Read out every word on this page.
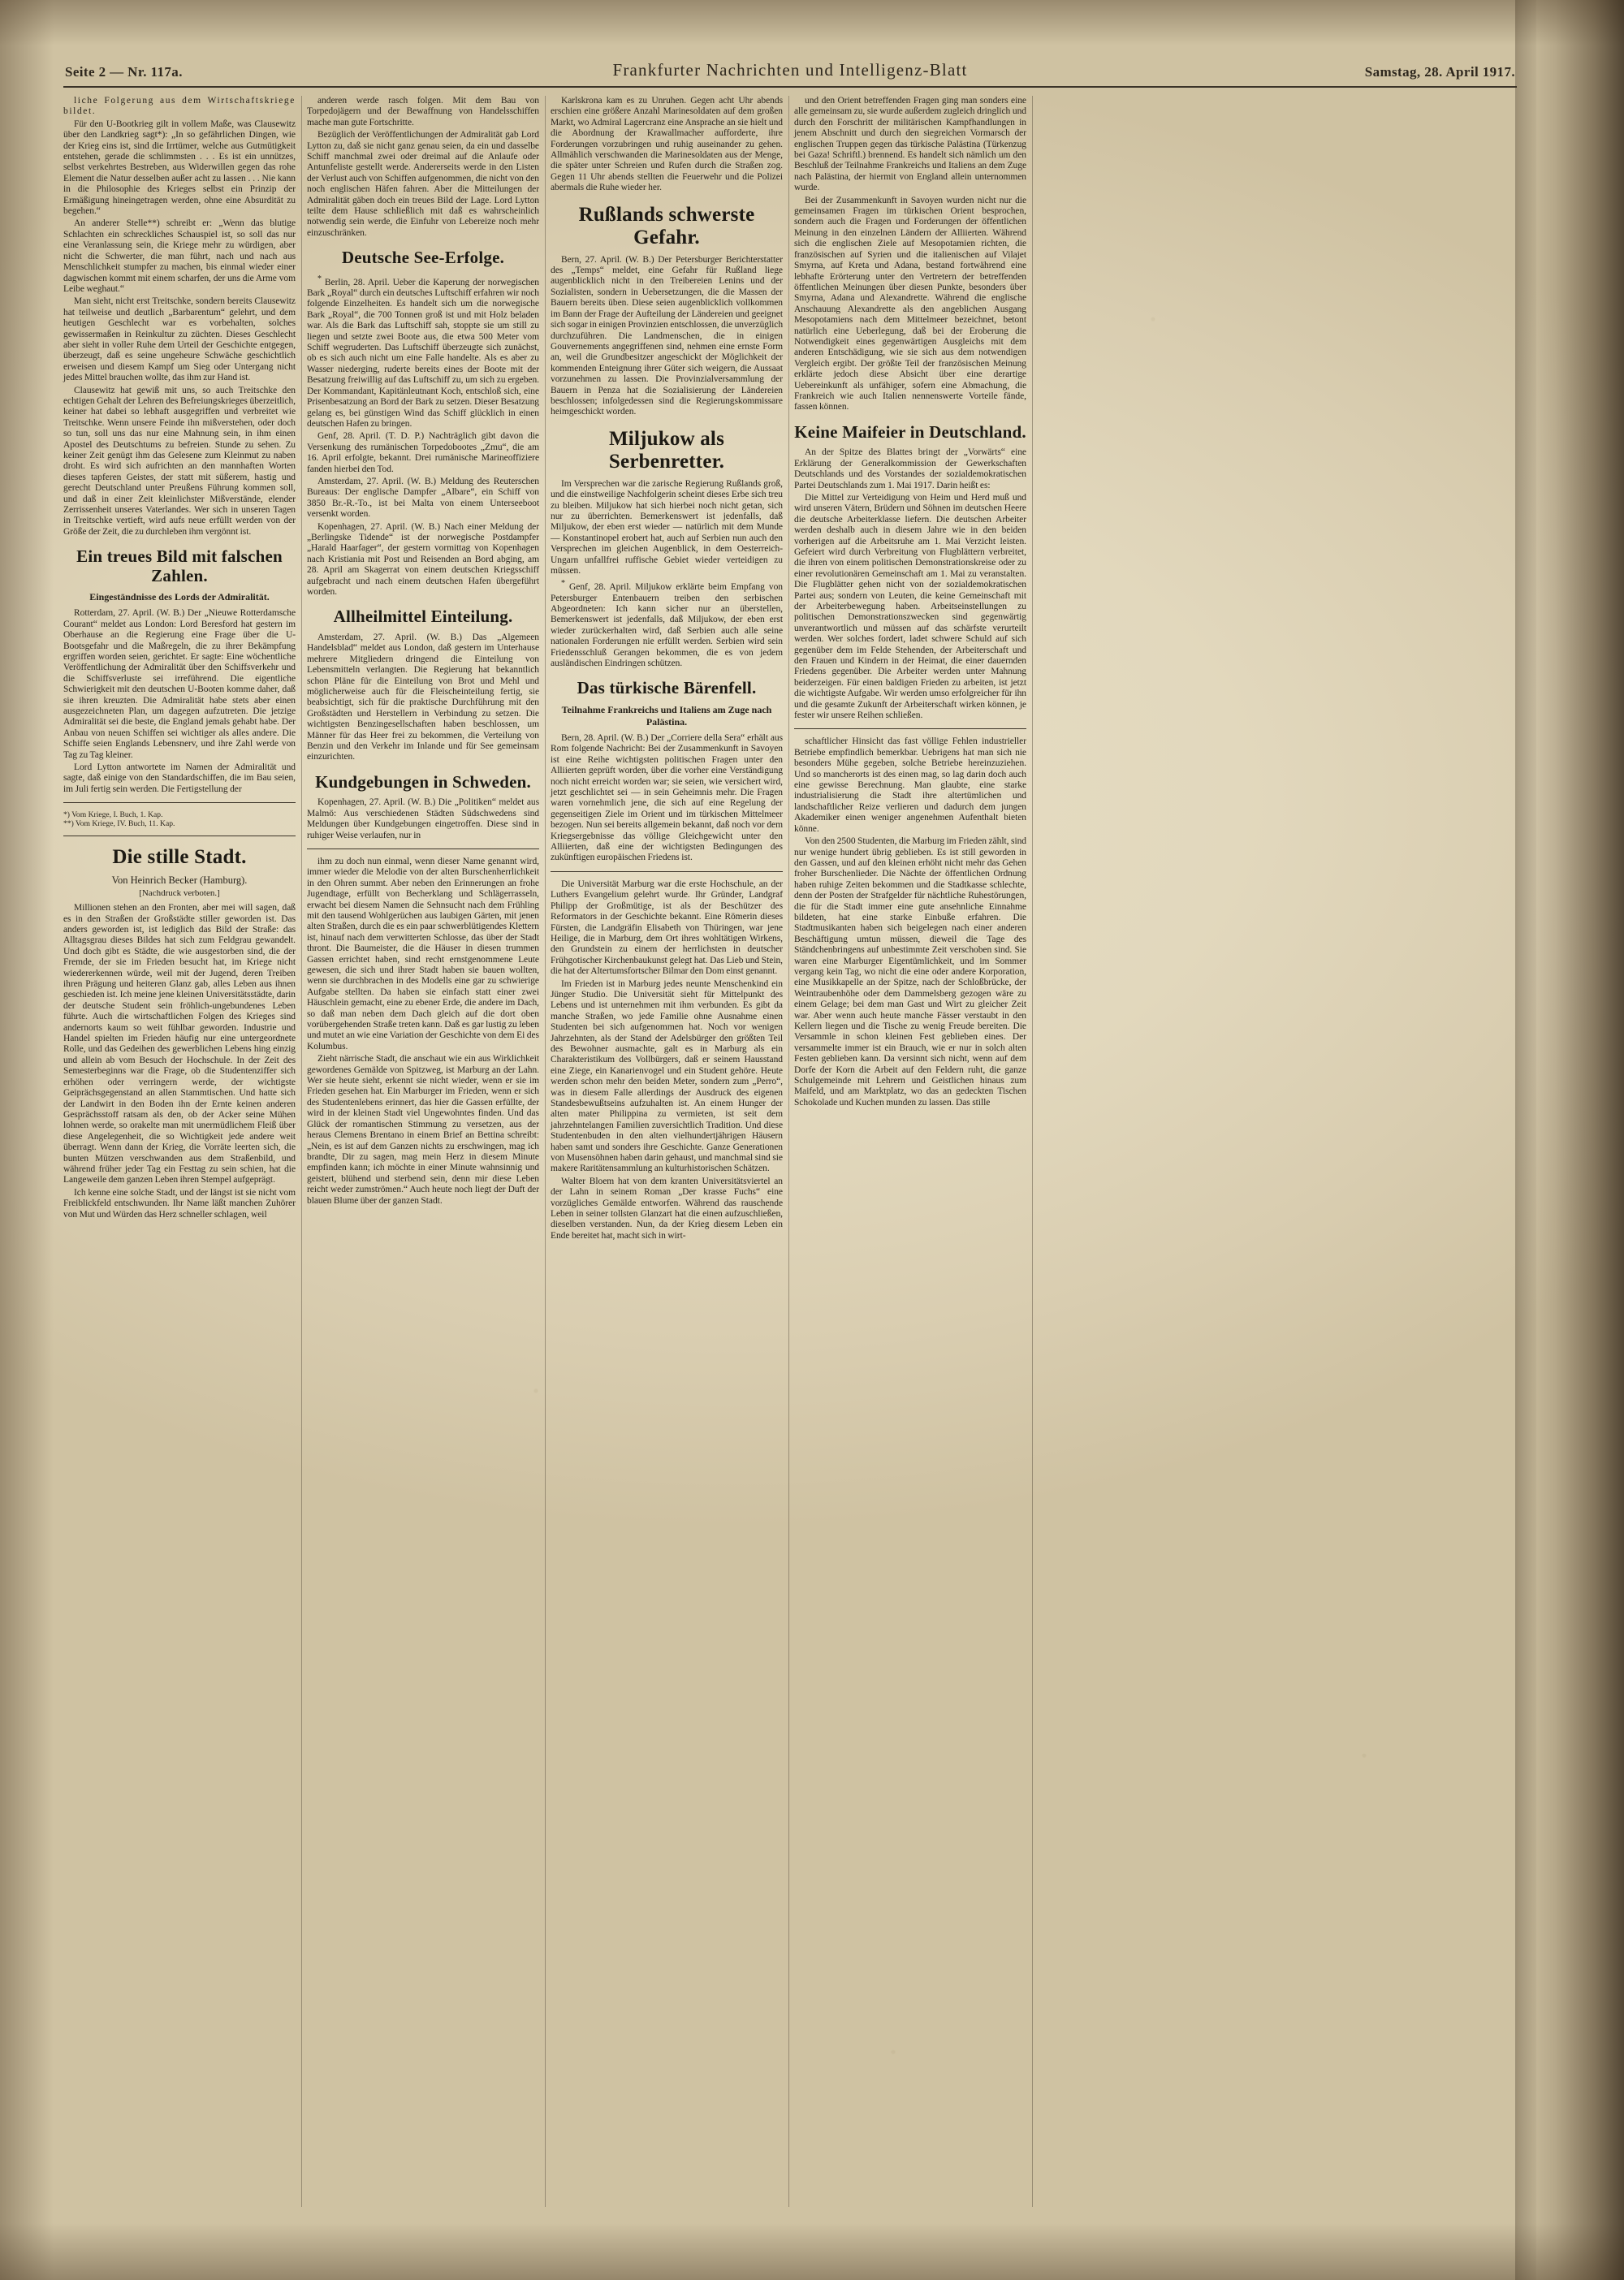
Seite 2 — Nr. 117a.	Frankfurter Nachrichten und Intelligenz-Blatt	Samstag, 28. April 1917.

liche Folgerung aus dem Wirtschaftskriege bildet.

Für den U-Bootkrieg gilt in vollem Maße, was Clausewitz über den Landkrieg sagt*): „In so gefährlichen Dingen, wie der Krieg eins ist, sind die Irrtümer, welche aus Gutmütigkeit entstehen, gerade die schlimmsten . . . Es ist ein unnützes, selbst verkehrtes Bestreben, aus Widerwillen gegen das rohe Element die Natur desselben außer acht zu lassen . . . Nie kann in die Philosophie des Krieges selbst ein Prinzip der Ermäßigung hineingetragen werden, ohne eine Absurdität zu begehen.“

An anderer Stelle**) schreibt er: „Wenn das blutige Schlachten ein schreckliches Schauspiel ist, so soll das nur eine Veranlassung sein, die Kriege mehr zu würdigen, aber nicht die Schwerter, die man führt, nach und nach aus Menschlichkeit stumpfer zu machen, bis einmal wieder einer dagwischen kommt mit einem scharfen, der uns die Arme vom Leibe weghaut.“

Man sieht, nicht erst Treitschke, sondern bereits Clausewitz hat teilweise und deutlich „Barbarentum“ gelehrt, und dem heutigen Geschlecht war es vorbehalten, solches gewissermaßen in Reinkultur zu züchten. Dieses Geschlecht aber sieht in voller Ruhe dem Urteil der Geschichte entgegen, überzeugt, daß es seine ungeheure Schwäche geschichtlich erweisen und diesem Kampf um Sieg oder Untergang nicht jedes Mittel brauchen wollte, das ihm zur Hand ist.

Clausewitz hat gewiß mit uns, so auch Treitschke den echtigen Gehalt der Lehren des Befreiungskrieges überzeitlich, keiner hat dabei so lebhaft ausgegriffen und verbreitet wie Treitschke. Wenn unsere Feinde ihn mißverstehen, oder doch so tun, soll uns das nur eine Mahnung sein, in ihm einen Apostel des Deutschtums zu befreien. Stunde zu sehen. Zu keiner Zeit genügt ihm das Gelesene zum Kleinmut zu naben droht. Es wird sich aufrichten an den mannhaften Worten dieses tapferen Geistes, der statt mit süßerem, hastig und gerecht Deutschland unter Preußens Führung kommen soll, und daß in einer Zeit kleinlichster Mißverstände, elender Zerrissenheit unseres Vaterlandes. Wer sich in unseren Tagen in Treitschke vertieft, wird aufs neue erfüllt werden von der Größe der Zeit, die zu durchleben ihm vergönnt ist.

Ein treues Bild mit falschen Zahlen.
Eingeständnisse des Lords der Admiralität.

Rotterdam, 27. April. (W. B.) Der „Nieuwe Rotterdamsche Courant“ meldet aus London: Lord Beresford hat gestern im Oberhause an die Regierung eine Frage über die U-Bootsgefahr und die Maßregeln, die zu ihrer Bekämpfung ergriffen worden seien, gerichtet. Er sagte: Eine wöchentliche Veröffentlichung der Admiralität über den Schiffsverkehr und die Schiffsverluste sei irreführend. Die eigentliche Schwierigkeit mit den deutschen U-Booten komme daher, daß sie ihren kreuzten. Die Admiralität habe stets aber einen ausgezeichneten Plan, um dagegen aufzutreten. Die jetzige Admiralität sei die beste, die England jemals gehabt habe. Der Anbau von neuen Schiffen sei wichtiger als alles andere. Die Schiffe seien Englands Lebensnerv, und ihre Zahl werde von Tag zu Tag kleiner.

Lord Lytton antwortete im Namen der Admiralität und sagte, daß einige von den Standardschiffen, die im Bau seien, im Juli fertig sein werden. Die Fertigstellung der

*) Vom Kriege, I. Buch, 1. Kap.
**) Vom Kriege, IV. Buch, 11. Kap.
Die stille Stadt.
Von Heinrich Becker (Hamburg).
[Nachdruck verboten.]

Millionen stehen an den Fronten, aber mei will sagen, daß es in den Straßen der Großstädte stiller geworden ist. Das anders geworden ist, ist lediglich das Bild der Straße: das Alltagsgrau dieses Bildes hat sich zum Feldgrau gewandelt. Und doch gibt es Städte, die wie ausgestorben sind, die der Fremde, der sie im Frieden besucht hat, im Kriege nicht wiedererkennen würde, weil mit der Jugend, deren Treiben ihren Prägung und heiteren Glanz gab, alles Leben aus ihnen geschieden ist. Ich meine jene kleinen Universitätsstädte, darin der deutsche Student sein fröhlich-ungebundenes Leben führte. Auch die wirtschaftlichen Folgen des Krieges sind andernorts kaum so weit fühlbar geworden. Industrie und Handel spielten im Frieden häufig nur eine untergeordnete Rolle, und das Gedeihen des gewerblichen Lebens hing einzig und allein ab vom Besuch der Hochschule. In der Zeit des Semesterbeginns war die Frage, ob die Studentenziffer sich erhöhen oder verringern werde, der wichtigste Geiprächsgegenstand an allen Stammtischen. Und hatte sich der Landwirt in den Boden ihn der Ernte keinen anderen Gesprächsstoff ratsam als den, ob der Acker seine Mühen lohnen werde, so orakelte man mit unermüdlichem Fleiß über diese Angelegenheit, die so Wichtigkeit jede andere weit überragt. Wenn dann der Krieg, die Vorräte leerten sich, die bunten Mützen verschwanden aus dem Straßenbild, und während früher jeder Tag ein Festtag zu sein schien, hat die Langeweile dem ganzen Leben ihren Stempel aufgeprägt.

Ich kenne eine solche Stadt, und der längst ist sie nicht vom Freiblickfeld entschwunden. Ihr Name läßt manchen Zuhörer von Mut und Würden das Herz schneller schlagen, weil

anderen werde rasch folgen. Mit dem Bau von Torpedojägern und der Bewaffnung von Handelsschiffen mache man gute Fortschritte.

Bezüglich der Veröffentlichungen der Admiralität gab Lord Lytton zu, daß sie nicht ganz genau seien, da ein und dasselbe Schiff manchmal zwei oder dreimal auf die Anlaufe oder Antunfeliste gestellt werde. Andererseits werde in den Listen der Verlust auch von Schiffen aufgenommen, die nicht von den noch englischen Häfen fahren. Aber die Mitteilungen der Admiralität gäben doch ein treues Bild der Lage. Lord Lytton teilte dem Hause schließlich mit daß es wahrscheinlich notwendig sein werde, die Einfuhr von Lebereize noch mehr einzuschränken.

Deutsche See-Erfolge.

* Berlin, 28. April. Ueber die Kaperung der norwegischen Bark „Royal“ durch ein deutsches Luftschiff erfahren wir noch folgende Einzelheiten. Es handelt sich um die norwegische Bark „Royal“, die 700 Tonnen groß ist und mit Holz beladen war. Als die Bark das Luftschiff sah, stoppte sie um still zu liegen und setzte zwei Boote aus, die etwa 500 Meter vom Schiff wegruderten. Das Luftschiff überzeugte sich zunächst, ob es sich auch nicht um eine Falle handelte. Als es aber zu Wasser niederging, ruderte bereits eines der Boote mit der Besatzung freiwillig auf das Luftschiff zu, um sich zu ergeben. Der Kommandant, Kapitänleutnant Koch, entschloß sich, eine Prisenbesatzung an Bord der Bark zu setzen. Dieser Besatzung gelang es, bei günstigen Wind das Schiff glücklich in einen deutschen Hafen zu bringen.

Genf, 28. April. (T. D. P.) Nachträglich gibt davon die Versenkung des rumänischen Torpedobootes „Zmu“, die am 16. April erfolgte, bekannt. Drei rumänische Marineoffiziere fanden hierbei den Tod.

Amsterdam, 27. April. (W. B.) Meldung des Reuterschen Bureaus: Der englische Dampfer „Albare“, ein Schiff von 3850 Br.-R.-To., ist bei Malta von einem Unterseeboot versenkt worden.

Kopenhagen, 27. April. (W. B.) Nach einer Meldung der „Berlingske Tidende“ ist der norwegische Postdampfer „Harald Haarfager“, der gestern vormittag von Kopenhagen nach Kristiania mit Post und Reisenden an Bord abging, am 28. April am Skagerrat von einem deutschen Kriegsschiff aufgebracht und nach einem deutschen Hafen übergeführt worden.

Allheilmittel Einteilung.

Amsterdam, 27. April. (W. B.) Das „Algemeen Handelsblad“ meldet aus London, daß gestern im Unterhause mehrere Mitgliedern dringend die Einteilung von Lebensmitteln verlangten. Die Regierung hat bekanntlich schon Pläne für die Einteilung von Brot und Mehl und möglicherweise auch für die Fleischeinteilung fertig, sie beabsichtigt, sich für die praktische Durchführung mit den Großstädten und Herstellern in Verbindung zu setzen. Die wichtigsten Benzingesellschaften haben beschlossen, um Männer für das Heer frei zu bekommen, die Verteilung von Benzin und den Verkehr im Inlande und für See gemeinsam einzurichten.

Kundgebungen in Schweden.

Kopenhagen, 27. April. (W. B.) Die „Politiken“ meldet aus Malmö: Aus verschiedenen Städten Südschwedens sind Meldungen über Kundgebungen eingetroffen. Diese sind in ruhiger Weise verlaufen, nur in

ihm zu doch nun einmal, wenn dieser Name genannt wird, immer wieder die Melodie von der alten Burschenherrlichkeit in den Ohren summt. Aber neben den Erinnerungen an frohe Jugendtage, erfüllt von Becherklang und Schlägerrasseln, erwacht bei diesem Namen die Sehnsucht nach dem Frühling mit den tausend Wohlgerüchen aus laubigen Gärten, mit jenen alten Straßen, durch die es ein paar schwerblütigendes Klettern ist, hinauf nach dem verwitterten Schlosse, das über der Stadt thront. Die Baumeister, die die Häuser in diesen trummen Gassen errichtet haben, sind recht ernstgenommene Leute gewesen, die sich und ihrer Stadt haben sie bauen wollten, wenn sie durchbrachen in des Modells eine gar zu schwierige Aufgabe stellten. Da haben sie einfach statt einer zwei Häuschlein gemacht, eine zu ebener Erde, die andere im Dach, so daß man neben dem Dach gleich auf die dort oben vorübergehenden Straße treten kann. Daß es gar lustig zu leben und mutet an wie eine Variation der Geschichte von dem Ei des Kolumbus.

Zieht närrische Stadt, die anschaut wie ein aus Wirklichkeit gewordenes Gemälde von Spitzweg, ist Marburg an der Lahn. Wer sie heute sieht, erkennt sie nicht wieder, wenn er sie im Frieden gesehen hat. Ein Marburger im Frieden, wenn er sich des Studentenlebens erinnert, das hier die Gassen erfüllte, der wird in der kleinen Stadt viel Ungewohntes finden. Und das Glück der romantischen Stimmung zu versetzen, aus der heraus Clemens Brentano in einem Brief an Bettina schreibt: „Nein, es ist auf dem Ganzen nichts zu erschwingen, mag ich brandte, Dir zu sagen, mag mein Herz in diesem Minute empfinden kann; ich möchte in einer Minute wahnsinnig und geistert, blühend und sterbend sein, denn mir diese Leben reicht weder zumströmen.“ Auch heute noch liegt der Duft der blauen Blume über der ganzen Stadt.

Karlskrona kam es zu Unruhen. Gegen acht Uhr abends erschien eine größere Anzahl Marinesoldaten auf dem großen Markt, wo Admiral Lagercranz eine Ansprache an sie hielt und die Abordnung der Krawallmacher aufforderte, ihre Forderungen vorzubringen und ruhig auseinander zu gehen. Allmählich verschwanden die Marinesoldaten aus der Menge, die später unter Schreien und Rufen durch die Straßen zog. Gegen 11 Uhr abends stellten die Feuerwehr und die Polizei abermals die Ruhe wieder her.

Rußlands schwerste Gefahr.

Bern, 27. April. (W. B.) Der Petersburger Berichterstatter des „Temps“ meldet, eine Gefahr für Rußland liege augenblicklich nicht in den Treibereien Lenins und der Sozialisten, sondern in Uebersetzungen, die die Massen der Bauern bereits üben. Diese seien augenblicklich vollkommen im Bann der Frage der Aufteilung der Ländereien und geeignet sich sogar in einigen Provinzien entschlossen, die unverzüglich durchzuführen. Die Landmenschen, die in einigen Gouvernements angegriffenen sind, nehmen eine ernste Form an, weil die Grundbesitzer angeschickt der Möglichkeit der kommenden Enteignung ihrer Güter sich weigern, die Aussaat vorzunehmen zu lassen. Die Provinzialversammlung der Bauern in Penza hat die Sozialisierung der Ländereien beschlossen; infolgedessen sind die Regierungskommissare heimgeschickt worden.

Miljukow als Serbenretter.

Im Versprechen war die zarische Regierung Rußlands groß, und die einstweilige Nachfolgerin scheint dieses Erbe sich treu zu bleiben. Miljukow hat sich hierbei noch nicht getan, sich nur zu überrichten. Bemerkenswert ist jedenfalls, daß Miljukow, der eben erst wieder — natürlich mit dem Munde — Konstantinopel erobert hat, auch auf Serbien nun auch den Versprechen im gleichen Augenblick, in dem Oesterreich-Ungarn unfallfrei ruffische Gebiet wieder verteidigen zu müssen.

* Genf, 28. April. Miljukow erklärte beim Empfang von Petersburger Entenbauern treiben den serbischen Abgeordneten: Ich kann sicher nur an überstellen, Bemerkenswert ist jedenfalls, daß Miljukow, der eben erst wieder zurückerhalten wird, daß Serbien auch alle seine nationalen Forderungen nie erfüllt werden. Serbien wird sein Friedensschluß Gerangen bekommen, die es von jedem ausländischen Eindringen schützen.

Das türkische Bärenfell.
Teilnahme Frankreichs und Italiens am Zuge nach Palästina.

Bern, 28. April. (W. B.) Der „Corriere della Sera“ erhält aus Rom folgende Nachricht: Bei der Zusammenkunft in Savoyen ist eine Reihe wichtigsten politischen Fragen unter den Alliierten geprüft worden, über die vorher eine Verständigung noch nicht erreicht worden war; sie seien, wie versichert wird, jetzt geschlichtet sei — in sein Geheimnis mehr. Die Fragen waren vornehmlich jene, die sich auf eine Regelung der gegenseitigen Ziele im Orient und im türkischen Mittelmeer bezogen. Nun sei bereits allgemein bekannt, daß noch vor dem Kriegsergebnisse das völlige Gleichgewicht unter den Alliierten, daß eine der wichtigsten Bedingungen des zukünftigen europäischen Friedens ist.

Die Universität Marburg war die erste Hochschule, an der Luthers Evangelium gelehrt wurde. Ihr Gründer, Landgraf Philipp der Großmütige, ist als der Beschützer des Reformators in der Geschichte bekannt. Eine Römerin dieses Fürsten, die Landgräfin Elisabeth von Thüringen, war jene Heilige, die in Marburg, dem Ort ihres wohltätigen Wirkens, den Grundstein zu einem der herrlichsten in deutscher Frühgotischer Kirchenbaukunst gelegt hat. Das Lieb und Stein, die hat der Altertumsfortscher Bilmar den Dom einst genannt.

Im Frieden ist in Marburg jedes neunte Menschenkind ein Jünger Studio. Die Universität sieht für Mittelpunkt des Lebens und ist unternehmen mit ihm verbunden. Es gibt da manche Straßen, wo jede Familie ohne Ausnahme einen Studenten bei sich aufgenommen hat. Noch vor wenigen Jahrzehnten, als der Stand der Adelsbürger den größten Teil des Bewohner ausmachte, galt es in Marburg als ein Charakteristikum des Vollbürgers, daß er seinem Hausstand eine Ziege, ein Kanarienvogel und ein Student gehöre. Heute werden schon mehr den beiden Meter, sondern zum „Perro“, was in diesem Falle allerdings der Ausdruck des eigenen Standesbewußtseins aufzuhalten ist. An einem Hunger der alten mater Philippina zu vermieten, ist seit dem jahrzehntelangen Familien zuversichtlich Tradition. Und diese Studentenbuden in den alten vielhundertjährigen Häusern haben samt und sonders ihre Geschichte. Ganze Generationen von Musensöhnen haben darin gehaust, und manchmal sind sie makere Raritätensammlung an kulturhistorischen Schätzen.

Walter Bloem hat von dem kranten Universitätsviertel an der Lahn in seinem Roman „Der krasse Fuchs“ eine vorzügliches Gemälde entworfen. Während das rauschende Leben in seiner tollsten Glanzart hat die einen aufzuschließen, dieselben verstanden. Nun, da der Krieg diesem Leben ein Ende bereitet hat, macht sich in wirt-

und den Orient betreffenden Fragen ging man sonders eine alle gemeinsam zu, sie wurde außerdem zugleich dringlich und durch den Forschritt der militärischen Kampfhandlungen in jenem Abschnitt und durch den siegreichen Vormarsch der englischen Truppen gegen das türkische Palästina (Türkenzug bei Gaza! Schriftl.) brennend. Es handelt sich nämlich um den Beschluß der Teilnahme Frankreichs und Italiens an dem Zuge nach Palästina, der hiermit von England allein unternommen wurde.

Bei der Zusammenkunft in Savoyen wurden nicht nur die gemeinsamen Fragen im türkischen Orient besprochen, sondern auch die Fragen und Forderungen der öffentlichen Meinung in den einzelnen Ländern der Alliierten. Während sich die englischen Ziele auf Mesopotamien richten, die französischen auf Syrien und die italienischen auf Vilajet Smyrna, auf Kreta und Adana, bestand fortwährend eine lebhafte Erörterung unter den Vertretern der betreffenden öffentlichen Meinungen über diesen Punkte, besonders über Smyrna, Adana und Alexandrette. Während die englische Anschauung Alexandrette als den angeblichen Ausgang Mesopotamiens nach dem Mittelmeer bezeichnet, betont natürlich eine Ueberlegung, daß bei der Eroberung die Notwendigkeit eines gegenwärtigen Ausgleichs mit dem anderen Entschädigung, wie sie sich aus dem notwendigen Vergleich ergibt. Der größte Teil der französischen Meinung erklärte jedoch diese Absicht über eine derartige Uebereinkunft als unfähiger, sofern eine Abmachung, die Frankreich wie auch Italien nennenswerte Vorteile fände, fassen können.

Keine Maifeier in Deutschland.

An der Spitze des Blattes bringt der „Vorwärts“ eine Erklärung der Generalkommission der Gewerkschaften Deutschlands und des Vorstandes der sozialdemokratischen Partei Deutschlands zum 1. Mai 1917. Darin heißt es:

Die Mittel zur Verteidigung von Heim und Herd muß und wird unseren Vätern, Brüdern und Söhnen im deutschen Heere die deutsche Arbeiterklasse liefern. Die deutschen Arbeiter werden deshalb auch in diesem Jahre wie in den beiden vorherigen auf die Arbeitsruhe am 1. Mai Verzicht leisten. Gefeiert wird durch Verbreitung von Flugblättern verbreitet, die ihren von einem politischen Demonstrationskreise oder zu einer revolutionären Gemeinschaft am 1. Mai zu veranstalten. Die Flugblätter gehen nicht von der sozialdemokratischen Partei aus; sondern von Leuten, die keine Gemeinschaft mit der Arbeiterbewegung haben. Arbeitseinstellungen zu politischen Demonstrationszwecken sind gegenwärtig unverantwortlich und müssen auf das schärfste verurteilt werden. Wer solches fordert, ladet schwere Schuld auf sich gegenüber dem im Felde Stehenden, der Arbeiterschaft und den Frauen und Kindern in der Heimat, die einer dauernden Friedens gegenüber. Die Arbeiter werden unter Mahnung beiderzeigen. Für einen baldigen Frieden zu arbeiten, ist jetzt die wichtigste Aufgabe. Wir werden umso erfolgreicher für ihn und die gesamte Zukunft der Arbeiterschaft wirken können, je fester wir unsere Reihen schließen.

schaftlicher Hinsicht das fast völlige Fehlen industrieller Betriebe empfindlich bemerkbar. Uebrigens hat man sich nie besonders Mühe gegeben, solche Betriebe hereinzuziehen. Und so mancherorts ist des einen mag, so lag darin doch auch eine gewisse Berechnung. Man glaubte, eine starke industrialisierung die Stadt ihre altertümlichen und landschaftlicher Reize verlieren und dadurch dem jungen Akademiker einen weniger angenehmen Aufenthalt bieten könne.

Von den 2500 Studenten, die Marburg im Frieden zählt, sind nur wenige hundert übrig geblieben. Es ist still geworden in den Gassen, und auf den kleinen erhöht nicht mehr das Gehen froher Burschenlieder. Die Nächte der öffentlichen Ordnung haben ruhige Zeiten bekommen und die Stadtkasse schlechte, denn der Posten der Strafgelder für nächtliche Ruhestörungen, die für die Stadt immer eine gute ansehnliche Einnahme bildeten, hat eine starke Einbuße erfahren. Die Stadtmusikanten haben sich beigelegen nach einer anderen Beschäftigung umtun müssen, dieweil die Tage des Ständchenbringens auf unbestimmte Zeit verschoben sind. Sie waren eine Marburger Eigentümlichkeit, und im Sommer vergang kein Tag, wo nicht die eine oder andere Korporation, eine Musikkapelle an der Spitze, nach der Schloßbrücke, der Weintraubenhöhe oder dem Dammelsberg gezogen wäre zu einem Gelage; bei dem man Gast und Wirt zu gleicher Zeit war. Aber wenn auch heute manche Fässer verstaubt in den Kellern liegen und die Tische zu wenig Freude bereiten. Die Versammle in schon kleinen Fest geblieben eines. Der versammelte immer ist ein Brauch, wie er nur in solch alten Festen geblieben kann. Da versinnt sich nicht, wenn auf dem Dorfe der Korn die Arbeit auf den Feldern ruht, die ganze Schulgemeinde mit Lehrern und Geistlichen hinaus zum Maifeld, und am Marktplatz, wo das an gedeckten Tischen Schokolade und Kuchen munden zu lassen. Das stille
